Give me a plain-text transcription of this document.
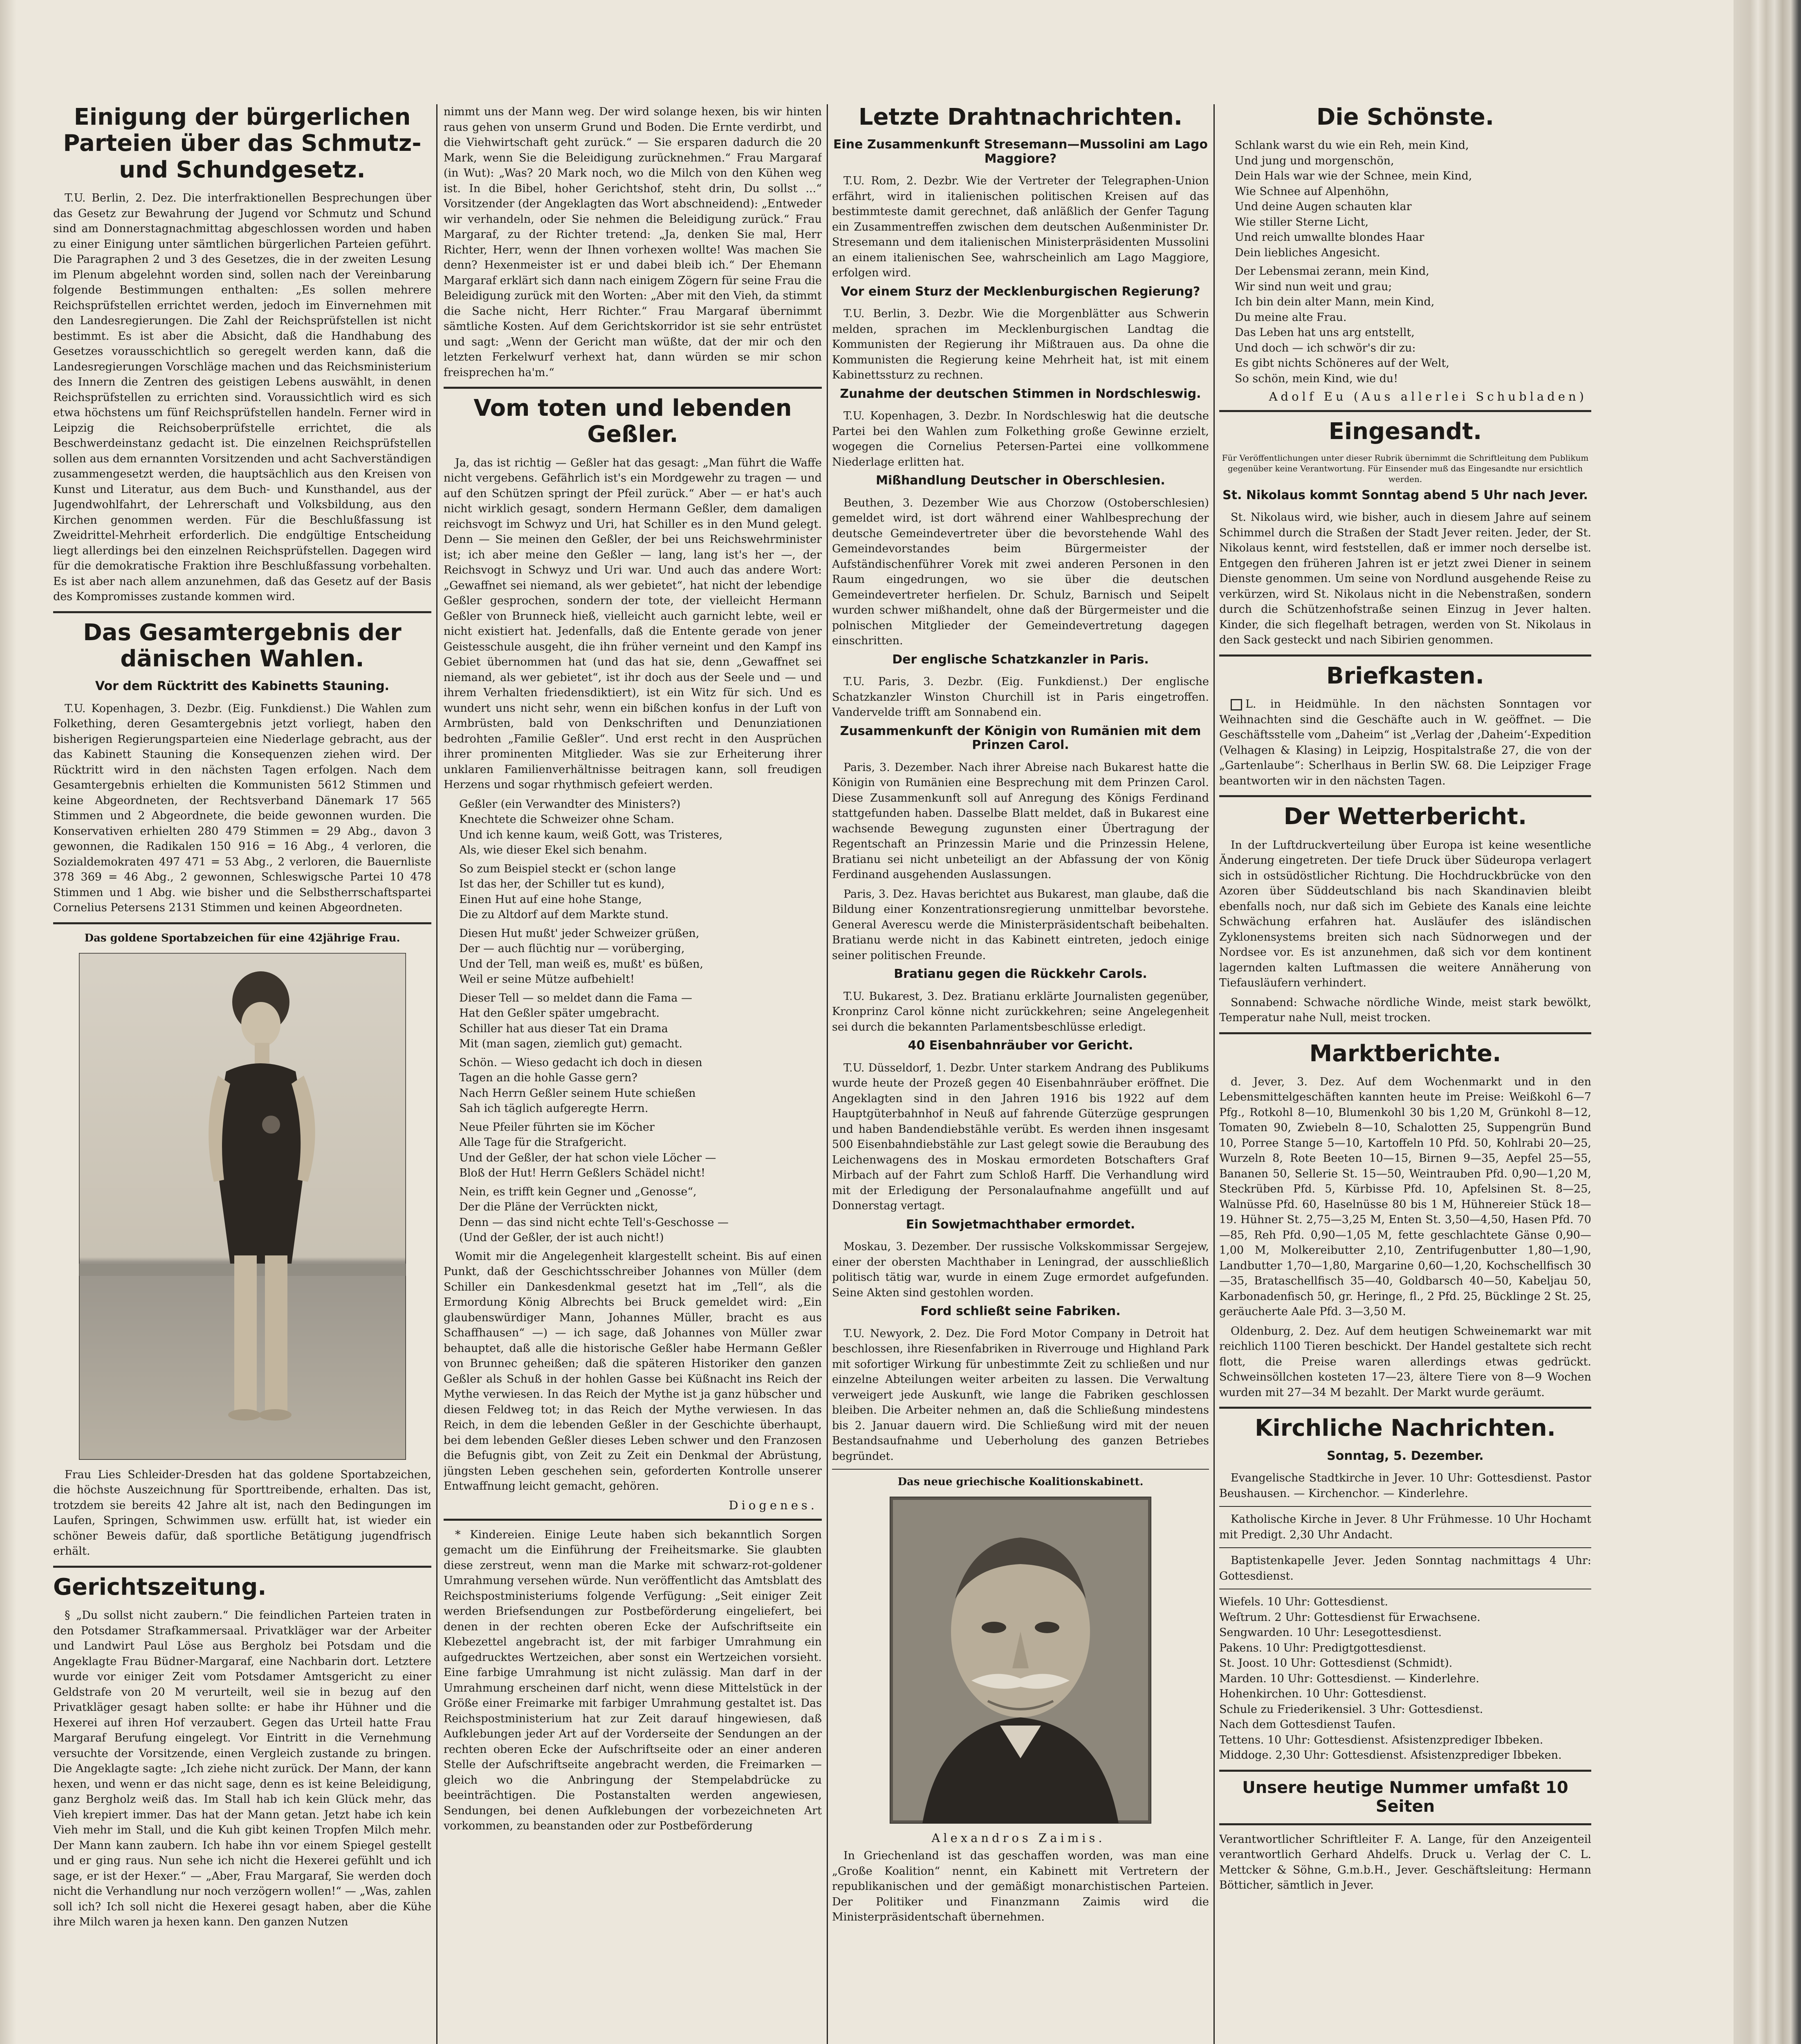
Einigung der bürgerlichen Parteien über das Schmutz- und Schundgesetz.

T.U. Berlin, 2. Dez. Die interfraktionellen Besprechungen über das Gesetz zur Bewahrung der Jugend vor Schmutz und Schund sind am Donnerstagnachmittag abgeschlossen worden und haben zu einer Einigung unter sämtlichen bürgerlichen Parteien geführt. Die Paragraphen 2 und 3 des Gesetzes, die in der zweiten Lesung im Plenum abgelehnt worden sind, sollen nach der Vereinbarung folgende Bestimmungen enthalten: „Es sollen mehrere Reichsprüfstellen errichtet werden, jedoch im Einvernehmen mit den Landesregierungen. Die Zahl der Reichsprüfstellen ist nicht bestimmt. Es ist aber die Absicht, daß die Handhabung des Gesetzes vorausschichtlich so geregelt werden kann, daß die Landesregierungen Vorschläge machen und das Reichsministerium des Innern die Zentren des geistigen Lebens auswählt, in denen Reichsprüfstellen zu errichten sind. Voraussichtlich wird es sich etwa höchstens um fünf Reichsprüfstellen handeln. Ferner wird in Leipzig die Reichsoberprüfstelle errichtet, die als Beschwerdeinstanz gedacht ist. Die einzelnen Reichsprüfstellen sollen aus dem ernannten Vorsitzenden und acht Sachverständigen zusammengesetzt werden, die hauptsächlich aus den Kreisen von Kunst und Literatur, aus dem Buch- und Kunsthandel, aus der Jugendwohlfahrt, der Lehrerschaft und Volksbildung, aus den Kirchen genommen werden. Für die Beschlußfassung ist Zweidrittel-Mehrheit erforderlich. Die endgültige Entscheidung liegt allerdings bei den einzelnen Reichsprüfstellen. Dagegen wird für die demokratische Fraktion ihre Beschlußfassung vorbehalten. Es ist aber nach allem anzunehmen, daß das Gesetz auf der Basis des Kompromisses zustande kommen wird.

Das Gesamtergebnis der dänischen Wahlen.
Vor dem Rücktritt des Kabinetts Stauning.

T.U. Kopenhagen, 3. Dezbr. (Eig. Funkdienst.) Die Wahlen zum Folkething, deren Gesamtergebnis jetzt vorliegt, haben den bisherigen Regierungsparteien eine Niederlage gebracht, aus der das Kabinett Stauning die Konsequenzen ziehen wird. Der Rücktritt wird in den nächsten Tagen erfolgen. Nach dem Gesamtergebnis erhielten die Kommunisten 5612 Stimmen und keine Abgeordneten, der Rechtsverband Dänemark 17 565 Stimmen und 2 Abgeordnete, die beide gewonnen wurden. Die Konservativen erhielten 280 479 Stimmen = 29 Abg., davon 3 gewonnen, die Radikalen 150 916 = 16 Abg., 4 verloren, die Sozialdemokraten 497 471 = 53 Abg., 2 verloren, die Bauernliste 378 369 = 46 Abg., 2 gewonnen, Schleswigsche Partei 10 478 Stimmen und 1 Abg. wie bisher und die Selbstherrschaftspartei Cornelius Petersens 2131 Stimmen und keinen Abgeordneten.

Das goldene Sportabzeichen für eine 42jährige Frau.

Frau Lies Schleider-Dresden hat das goldene Sportabzeichen, die höchste Auszeichnung für Sporttreibende, erhalten. Das ist, trotzdem sie bereits 42 Jahre alt ist, nach den Bedingungen im Laufen, Springen, Schwimmen usw. erfüllt hat, ist wieder ein schöner Beweis dafür, daß sportliche Betätigung jugendfrisch erhält.

Gerichtszeitung.

§ „Du sollst nicht zaubern.“ Die feindlichen Parteien traten in den Potsdamer Strafkammersaal. Privatkläger war der Arbeiter und Landwirt Paul Löse aus Bergholz bei Potsdam und die Angeklagte Frau Büdner-Margaraf, eine Nachbarin dort. Letztere wurde vor einiger Zeit vom Potsdamer Amtsgericht zu einer Geldstrafe von 20 M verurteilt, weil sie in bezug auf den Privatkläger gesagt haben sollte: er habe ihr Hühner und die Hexerei auf ihren Hof verzaubert. Gegen das Urteil hatte Frau Margaraf Berufung eingelegt. Vor Eintritt in die Vernehmung versuchte der Vorsitzende, einen Vergleich zustande zu bringen. Die Angeklagte sagte: „Ich ziehe nicht zurück. Der Mann, der kann hexen, und wenn er das nicht sage, denn es ist keine Beleidigung, ganz Bergholz weiß das. Im Stall hab ich kein Glück mehr, das Vieh krepiert immer. Das hat der Mann getan. Jetzt habe ich kein Vieh mehr im Stall, und die Kuh gibt keinen Tropfen Milch mehr. Der Mann kann zaubern. Ich habe ihn vor einem Spiegel gestellt und er ging raus. Nun sehe ich nicht die Hexerei gefühlt und ich sage, er ist der Hexer.“ — „Aber, Frau Margaraf, Sie werden doch nicht die Verhandlung nur noch verzögern wollen!“ — „Was, zahlen soll ich? Ich soll nicht die Hexerei gesagt haben, aber die Kühe ihre Milch waren ja hexen kann. Den ganzen Nutzen

nimmt uns der Mann weg. Der wird solange hexen, bis wir hinten raus gehen von unserm Grund und Boden. Die Ernte verdirbt, und die Viehwirtschaft geht zurück.“ — Sie ersparen dadurch die 20 Mark, wenn Sie die Beleidigung zurücknehmen.“ Frau Margaraf (in Wut): „Was? 20 Mark noch, wo die Milch von den Kühen weg ist. In die Bibel, hoher Gerichtshof, steht drin, Du sollst ...“ Vorsitzender (der Angeklagten das Wort abschneidend): „Entweder wir verhandeln, oder Sie nehmen die Beleidigung zurück.“ Frau Margaraf, zu der Richter tretend: „Ja, denken Sie mal, Herr Richter, Herr, wenn der Ihnen vorhexen wollte! Was machen Sie denn? Hexenmeister ist er und dabei bleib ich.“ Der Ehemann Margaraf erklärt sich dann nach einigem Zögern für seine Frau die Beleidigung zurück mit den Worten: „Aber mit den Vieh, da stimmt die Sache nicht, Herr Richter.“ Frau Margaraf übernimmt sämtliche Kosten. Auf dem Gerichtskorridor ist sie sehr entrüstet und sagt: „Wenn der Gericht man wüßte, dat der mir och den letzten Ferkelwurf verhext hat, dann würden se mir schon freisprechen ha'm.“

Vom toten und lebenden Geßler.

Ja, das ist richtig — Geßler hat das gesagt: „Man führt die Waffe nicht vergebens. Gefährlich ist's ein Mordgewehr zu tragen — und auf den Schützen springt der Pfeil zurück.“ Aber — er hat's auch nicht wirklich gesagt, sondern Hermann Geßler, dem damaligen reichsvogt im Schwyz und Uri, hat Schiller es in den Mund gelegt. Denn — Sie meinen den Geßler, der bei uns Reichswehrminister ist; ich aber meine den Geßler — lang, lang ist's her —, der Reichsvogt in Schwyz und Uri war. Und auch das andere Wort: „Gewaffnet sei niemand, als wer gebietet“, hat nicht der lebendige Geßler gesprochen, sondern der tote, der vielleicht Hermann Geßler von Brunneck hieß, vielleicht auch garnicht lebte, weil er nicht existiert hat. Jedenfalls, daß die Entente gerade von jener Geistesschule ausgeht, die ihn früher verneint und den Kampf ins Gebiet übernommen hat (und das hat sie, denn „Gewaffnet sei niemand, als wer gebietet“, ist ihr doch aus der Seele und — und ihrem Verhalten friedensdiktiert), ist ein Witz für sich. Und es wundert uns nicht sehr, wenn ein bißchen konfus in der Luft von Armbrüsten, bald von Denkschriften und Denunziationen bedrohten „Familie Geßler“. Und erst recht in den Ausprüchen ihrer prominenten Mitglieder. Was sie zur Erheiterung ihrer unklaren Familienverhältnisse beitragen kann, soll freudigen Herzens und sogar rhythmisch gefeiert werden.

Geßler (ein Verwandter des Ministers?)
Knechtete die Schweizer ohne Scham.
Und ich kenne kaum, weiß Gott, was Tristeres,
Als, wie dieser Ekel sich benahm.
So zum Beispiel steckt er (schon lange
Ist das her, der Schiller tut es kund),
Einen Hut auf eine hohe Stange,
Die zu Altdorf auf dem Markte stund.
Diesen Hut mußt' jeder Schweizer grüßen,
Der — auch flüchtig nur — vorüberging,
Und der Tell, man weiß es, mußt' es büßen,
Weil er seine Mütze aufbehielt!
Dieser Tell — so meldet dann die Fama —
Hat den Geßler später umgebracht.
Schiller hat aus dieser Tat ein Drama
Mit (man sagen, ziemlich gut) gemacht.
Schön. — Wieso gedacht ich doch in diesen
Tagen an die hohle Gasse gern?
Nach Herrn Geßler seinem Hute schießen
Sah ich täglich aufgeregte Herrn.
Neue Pfeiler führten sie im Köcher
Alle Tage für die Strafgericht.
Und der Geßler, der hat schon viele Löcher —
Bloß der Hut! Herrn Geßlers Schädel nicht!
Nein, es trifft kein Gegner und „Genosse“,
Der die Pläne der Verrückten nickt,
Denn — das sind nicht echte Tell's-Geschosse —
(Und der Geßler, der ist auch nicht!)

Womit mir die Angelegenheit klargestellt scheint. Bis auf einen Punkt, daß der Geschichtsschreiber Johannes von Müller (dem Schiller ein Dankesdenkmal gesetzt hat im „Tell“, als die Ermordung König Albrechts bei Bruck gemeldet wird: „Ein glaubenswürdiger Mann, Johannes Müller, bracht es aus Schaffhausen“ —) — ich sage, daß Johannes von Müller zwar behauptet, daß alle die historische Geßler habe Hermann Geßler von Brunnec geheißen; daß die späteren Historiker den ganzen Geßler als Schuß in der hohlen Gasse bei Küßnacht ins Reich der Mythe verwiesen. In das Reich der Mythe ist ja ganz hübscher und diesen Feldweg tot; in das Reich der Mythe verwiesen. In das Reich, in dem die lebenden Geßler in der Geschichte überhaupt, bei dem lebenden Geßler dieses Leben schwer und den Franzosen die Befugnis gibt, von Zeit zu Zeit ein Denkmal der Abrüstung, jüngsten Leben geschehen sein, geforderten Kontrolle unserer Entwaffnung leicht gemacht, gehören.

Diogenes.

* Kindereien. Einige Leute haben sich bekanntlich Sorgen gemacht um die Einführung der Freiheitsmarke. Sie glaubten diese zerstreut, wenn man die Marke mit schwarz-rot-goldener Umrahmung versehen würde. Nun veröffentlicht das Amtsblatt des Reichspostministeriums folgende Verfügung: „Seit einiger Zeit werden Briefsendungen zur Postbeförderung eingeliefert, bei denen in der rechten oberen Ecke der Aufschriftseite ein Klebezettel angebracht ist, der mit farbiger Umrahmung ein aufgedrucktes Wertzeichen, aber sonst ein Wertzeichen vorsieht. Eine farbige Umrahmung ist nicht zulässig. Man darf in der Umrahmung erscheinen darf nicht, wenn diese Mittelstück in der Größe einer Freimarke mit farbiger Umrahmung gestaltet ist. Das Reichspostministerium hat zur Zeit darauf hingewiesen, daß Aufklebungen jeder Art auf der Vorderseite der Sendungen an der rechten oberen Ecke der Aufschriftseite oder an einer anderen Stelle der Aufschriftseite angebracht werden, die Freimarken — gleich wo die Anbringung der Stempelabdrücke zu beeinträchtigen. Die Postanstalten werden angewiesen, Sendungen, bei denen Aufklebungen der vorbezeichneten Art vorkommen, zu beanstanden oder zur Postbeförderung

Letzte Drahtnachrichten.
Eine Zusammenkunft Stresemann—Mussolini am Lago Maggiore?

T.U. Rom, 2. Dezbr. Wie der Vertreter der Telegraphen-Union erfährt, wird in italienischen politischen Kreisen auf das bestimmteste damit gerechnet, daß anläßlich der Genfer Tagung ein Zusammentreffen zwischen dem deutschen Außenminister Dr. Stresemann und dem italienischen Ministerpräsidenten Mussolini an einem italienischen See, wahrscheinlich am Lago Maggiore, erfolgen wird.

Vor einem Sturz der Mecklenburgischen Regierung?

T.U. Berlin, 3. Dezbr. Wie die Morgenblätter aus Schwerin melden, sprachen im Mecklenburgischen Landtag die Kommunisten der Regierung ihr Mißtrauen aus. Da ohne die Kommunisten die Regierung keine Mehrheit hat, ist mit einem Kabinettssturz zu rechnen.

Zunahme der deutschen Stimmen in Nordschleswig.

T.U. Kopenhagen, 3. Dezbr. In Nordschleswig hat die deutsche Partei bei den Wahlen zum Folkething große Gewinne erzielt, wogegen die Cornelius Petersen-Partei eine vollkommene Niederlage erlitten hat.

Mißhandlung Deutscher in Oberschlesien.

Beuthen, 3. Dezember Wie aus Chorzow (Ostoberschlesien) gemeldet wird, ist dort während einer Wahlbesprechung der deutsche Gemeindevertreter über die bevorstehende Wahl des Gemeindevorstandes beim Bürgermeister der Aufständischenführer Vorek mit zwei anderen Personen in den Raum eingedrungen, wo sie über die deutschen Gemeindevertreter herfielen. Dr. Schulz, Barnisch und Seipelt wurden schwer mißhandelt, ohne daß der Bürgermeister und die polnischen Mitglieder der Gemeindevertretung dagegen einschritten.

Der englische Schatzkanzler in Paris.

T.U. Paris, 3. Dezbr. (Eig. Funkdienst.) Der englische Schatzkanzler Winston Churchill ist in Paris eingetroffen. Vandervelde trifft am Sonnabend ein.

Zusammenkunft der Königin von Rumänien mit dem Prinzen Carol.

Paris, 3. Dezember. Nach ihrer Abreise nach Bukarest hatte die Königin von Rumänien eine Besprechung mit dem Prinzen Carol. Diese Zusammenkunft soll auf Anregung des Königs Ferdinand stattgefunden haben. Dasselbe Blatt meldet, daß in Bukarest eine wachsende Bewegung zugunsten einer Übertragung der Regentschaft an Prinzessin Marie und die Prinzessin Helene, Bratianu sei nicht unbeteiligt an der Abfassung der von König Ferdinand ausgehenden Auslassungen.

Paris, 3. Dez. Havas berichtet aus Bukarest, man glaube, daß die Bildung einer Konzentrationsregierung unmittelbar bevorstehe. General Averescu werde die Ministerpräsidentschaft beibehalten. Bratianu werde nicht in das Kabinett eintreten, jedoch einige seiner politischen Freunde.

Bratianu gegen die Rückkehr Carols.

T.U. Bukarest, 3. Dez. Bratianu erklärte Journalisten gegenüber, Kronprinz Carol könne nicht zurückkehren; seine Angelegenheit sei durch die bekannten Parlamentsbeschlüsse erledigt.

40 Eisenbahnräuber vor Gericht.

T.U. Düsseldorf, 1. Dezbr. Unter starkem Andrang des Publikums wurde heute der Prozeß gegen 40 Eisenbahnräuber eröffnet. Die Angeklagten sind in den Jahren 1916 bis 1922 auf dem Hauptgüterbahnhof in Neuß auf fahrende Güterzüge gesprungen und haben Bandendiebstähle verübt. Es werden ihnen insgesamt 500 Eisenbahndiebstähle zur Last gelegt sowie die Beraubung des Leichenwagens des in Moskau ermordeten Botschafters Graf Mirbach auf der Fahrt zum Schloß Harff. Die Verhandlung wird mit der Erledigung der Personalaufnahme angefüllt und auf Donnerstag vertagt.

Ein Sowjetmachthaber ermordet.

Moskau, 3. Dezember. Der russische Volkskommissar Sergejew, einer der obersten Machthaber in Leningrad, der ausschließlich politisch tätig war, wurde in einem Zuge ermordet aufgefunden. Seine Akten sind gestohlen worden.

Ford schließt seine Fabriken.

T.U. Newyork, 2. Dez. Die Ford Motor Company in Detroit hat beschlossen, ihre Riesenfabriken in Riverrouge und Highland Park mit sofortiger Wirkung für unbestimmte Zeit zu schließen und nur einzelne Abteilungen weiter arbeiten zu lassen. Die Verwaltung verweigert jede Auskunft, wie lange die Fabriken geschlossen bleiben. Die Arbeiter nehmen an, daß die Schließung mindestens bis 2. Januar dauern wird. Die Schließung wird mit der neuen Bestandsaufnahme und Ueberholung des ganzen Betriebes begründet.

Das neue griechische Koalitionskabinett.
Alexandros Zaimis.

In Griechenland ist das geschaffen worden, was man eine „Große Koalition“ nennt, ein Kabinett mit Vertretern der republikanischen und der gemäßigt monarchistischen Parteien. Der Politiker und Finanzmann Zaimis wird die Ministerpräsidentschaft übernehmen.

Die Schönste.
Schlank warst du wie ein Reh, mein Kind,
Und jung und morgenschön,
Dein Hals war wie der Schnee, mein Kind,
Wie Schnee auf Alpenhöhn,
Und deine Augen schauten klar
Wie stiller Sterne Licht,
Und reich umwallte blondes Haar
Dein liebliches Angesicht.
Der Lebensmai zerann, mein Kind,
Wir sind nun weit und grau;
Ich bin dein alter Mann, mein Kind,
Du meine alte Frau.
Das Leben hat uns arg entstellt,
Und doch — ich schwör's dir zu:
Es gibt nichts Schöneres auf der Welt,
So schön, mein Kind, wie du!
Adolf Eu (Aus allerlei Schubladen)
Eingesandt.

Für Veröffentlichungen unter dieser Rubrik übernimmt die Schriftleitung dem Publikum gegenüber keine Verantwortung. Für Einsender muß das Eingesandte nur ersichtlich werden.

St. Nikolaus kommt Sonntag abend 5 Uhr nach Jever.

St. Nikolaus wird, wie bisher, auch in diesem Jahre auf seinem Schimmel durch die Straßen der Stadt Jever reiten. Jeder, der St. Nikolaus kennt, wird feststellen, daß er immer noch derselbe ist. Entgegen den früheren Jahren ist er jetzt zwei Diener in seinem Dienste genommen. Um seine von Nordlund ausgehende Reise zu verkürzen, wird St. Nikolaus nicht in die Nebenstraßen, sondern durch die Schützenhofstraße seinen Einzug in Jever halten. Kinder, die sich flegelhaft betragen, werden von St. Nikolaus in den Sack gesteckt und nach Sibirien genommen.

Briefkasten.

L. in Heidmühle. In den nächsten Sonntagen vor Weihnachten sind die Geschäfte auch in W. geöffnet. — Die Geschäftsstelle vom „Daheim“ ist „Verlag der ‚Daheim‘-Expedition (Velhagen & Klasing) in Leipzig, Hospitalstraße 27, die von der „Gartenlaube“: Scherlhaus in Berlin SW. 68. Die Leipziger Frage beantworten wir in den nächsten Tagen.

Der Wetterbericht.

In der Luftdruckverteilung über Europa ist keine wesentliche Änderung eingetreten. Der tiefe Druck über Südeuropa verlagert sich in ostsüdöstlicher Richtung. Die Hochdruckbrücke von den Azoren über Süddeutschland bis nach Skandinavien bleibt ebenfalls noch, nur daß sich im Gebiete des Kanals eine leichte Schwächung erfahren hat. Ausläufer des isländischen Zyklonensystems breiten sich nach Südnorwegen und der Nordsee vor. Es ist anzunehmen, daß sich vor dem kontinent lagernden kalten Luftmassen die weitere Annäherung von Tiefausläufern verhindert.

Sonnabend: Schwache nördliche Winde, meist stark bewölkt, Temperatur nahe Null, meist trocken.

Marktberichte.

d. Jever, 3. Dez. Auf dem Wochenmarkt und in den Lebensmittelgeschäften kannten heute im Preise: Weißkohl 6—7 Pfg., Rotkohl 8—10, Blumenkohl 30 bis 1,20 M, Grünkohl 8—12, Tomaten 90, Zwiebeln 8—10, Schalotten 25, Suppengrün Bund 10, Porree Stange 5—10, Kartoffeln 10 Pfd. 50, Kohlrabi 20—25, Wurzeln 8, Rote Beeten 10—15, Birnen 9—35, Aepfel 25—55, Bananen 50, Sellerie St. 15—50, Weintrauben Pfd. 0,90—1,20 M, Steckrüben Pfd. 5, Kürbisse Pfd. 10, Apfelsinen St. 8—25, Walnüsse Pfd. 60, Haselnüsse 80 bis 1 M, Hühnereier Stück 18—19. Hühner St. 2,75—3,25 M, Enten St. 3,50—4,50, Hasen Pfd. 70—85, Reh Pfd. 0,90—1,05 M, fette geschlachtete Gänse 0,90—1,00 M, Molkereibutter 2,10, Zentrifugenbutter 1,80—1,90, Landbutter 1,70—1,80, Margarine 0,60—1,20, Kochschellfisch 30—35, Brataschellfisch 35—40, Goldbarsch 40—50, Kabeljau 50, Karbonadenfisch 50, gr. Heringe, fl., 2 Pfd. 25, Bücklinge 2 St. 25, geräucherte Aale Pfd. 3—3,50 M.

Oldenburg, 2. Dez. Auf dem heutigen Schweinemarkt war mit reichlich 1100 Tieren beschickt. Der Handel gestaltete sich recht flott, die Preise waren allerdings etwas gedrückt. Schweinsöllchen kosteten 17—23, ältere Tiere von 8—9 Wochen wurden mit 27—34 M bezahlt. Der Markt wurde geräumt.

Kirchliche Nachrichten.
Sonntag, 5. Dezember.

Evangelische Stadtkirche in Jever. 10 Uhr: Gottesdienst. Pastor Beushausen. — Kirchenchor. — Kinderlehre.

Katholische Kirche in Jever. 8 Uhr Frühmesse. 10 Uhr Hochamt mit Predigt. 2,30 Uhr Andacht.

Baptistenkapelle Jever. Jeden Sonntag nachmittags 4 Uhr: Gottesdienst.

Wiefels. 10 Uhr: Gottesdienst.
Weſtrum. 2 Uhr: Gottesdienst für Erwachsene.
Sengwarden. 10 Uhr: Lesegottesdienst.
Pakens. 10 Uhr: Predigtgottesdienst.
St. Joost. 10 Uhr: Gottesdienst (Schmidt).
Marden. 10 Uhr: Gottesdienst. — Kinderlehre.
Hohenkirchen. 10 Uhr: Gottesdienst.
Schule zu Friederikensiel. 3 Uhr: Gottesdienst.
Nach dem Gottesdienst Taufen.
Tettens. 10 Uhr: Gottesdienst. Afsistenzprediger Ibbeken.
Middoge. 2,30 Uhr: Gottesdienst. Afsistenzprediger Ibbeken.

Unsere heutige Nummer umfaßt 10 Seiten

Verantwortlicher Schriftleiter F. A. Lange, für den Anzeigenteil verantwortlich Gerhard Ahdelfs. Druck u. Verlag der C. L. Mettcker & Söhne, G.m.b.H., Jever. Geschäftsleitung: Hermann Bötticher, sämtlich in Jever.
